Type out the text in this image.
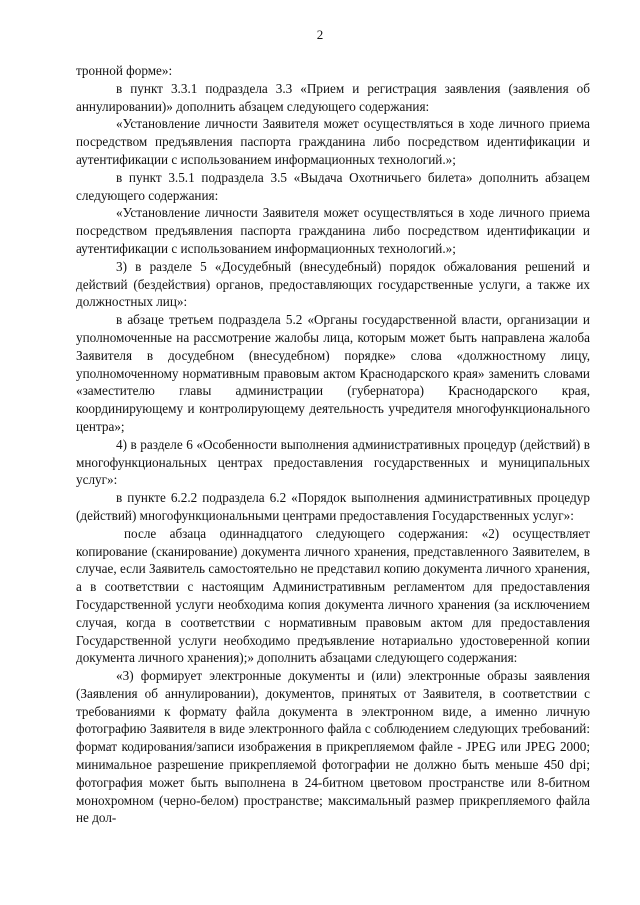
2

тронной форме»:

в пункт 3.3.1 подраздела 3.3 «Прием и регистрация заявления (заявления об аннулировании)» дополнить абзацем следующего содержания:

«Установление личности Заявителя может осуществляться в ходе личного приема посредством предъявления паспорта гражданина либо посредством идентификации и аутентификации с использованием информационных технологий.»;

в пункт 3.5.1 подраздела 3.5 «Выдача Охотничьего билета» дополнить абзацем следующего содержания:

«Установление личности Заявителя может осуществляться в ходе личного приема посредством предъявления паспорта гражданина либо посредством идентификации и аутентификации с использованием информационных технологий.»;

3) в разделе 5 «Досудебный (внесудебный) порядок обжалования решений и действий (бездействия) органов, предоставляющих государственные услуги, а также их должностных лиц»:

в абзаце третьем подраздела 5.2 «Органы государственной власти, организации и уполномоченные на рассмотрение жалобы лица, которым может быть направлена жалоба Заявителя в досудебном (внесудебном) порядке» слова «должностному лицу, уполномоченному нормативным правовым актом Краснодарского края» заменить словами «заместителю главы администрации (губернатора) Краснодарского края, координирующему и контролирующему деятельность учредителя многофункционального центра»;

4) в разделе 6 «Особенности выполнения административных процедур (действий) в многофункциональных центрах предоставления государственных и муниципальных услуг»:

в пункте 6.2.2 подраздела 6.2 «Порядок выполнения административных процедур (действий) многофункциональными центрами предоставления Государственных услуг»:

после абзаца одиннадцатого следующего содержания: «2) осуществляет копирование (сканирование) документа личного хранения, представленного Заявителем, в случае, если Заявитель самостоятельно не представил копию документа личного хранения, а в соответствии с настоящим Административным регламентом для предоставления Государственной услуги необходима копия документа личного хранения (за исключением случая, когда в соответствии с нормативным правовым актом для предоставления Государственной услуги необходимо предъявление нотариально удостоверенной копии документа личного хранения);» дополнить абзацами следующего содержания:

«3) формирует электронные документы и (или) электронные образы заявления (Заявления об аннулировании), документов, принятых от Заявителя, в соответствии с требованиями к формату файла документа в электронном виде, а именно личную фотографию Заявителя в виде электронного файла с соблюдением следующих требований: формат кодирования/записи изображения в прикрепляемом файле - JPEG или JPEG 2000; минимальное разрешение прикрепляемой фотографии не должно быть меньше 450 dpi; фотография может быть выполнена в 24-битном цветовом пространстве или 8-битном монохромном (черно-белом) пространстве; максимальный размер прикрепляемого файла не дол-
